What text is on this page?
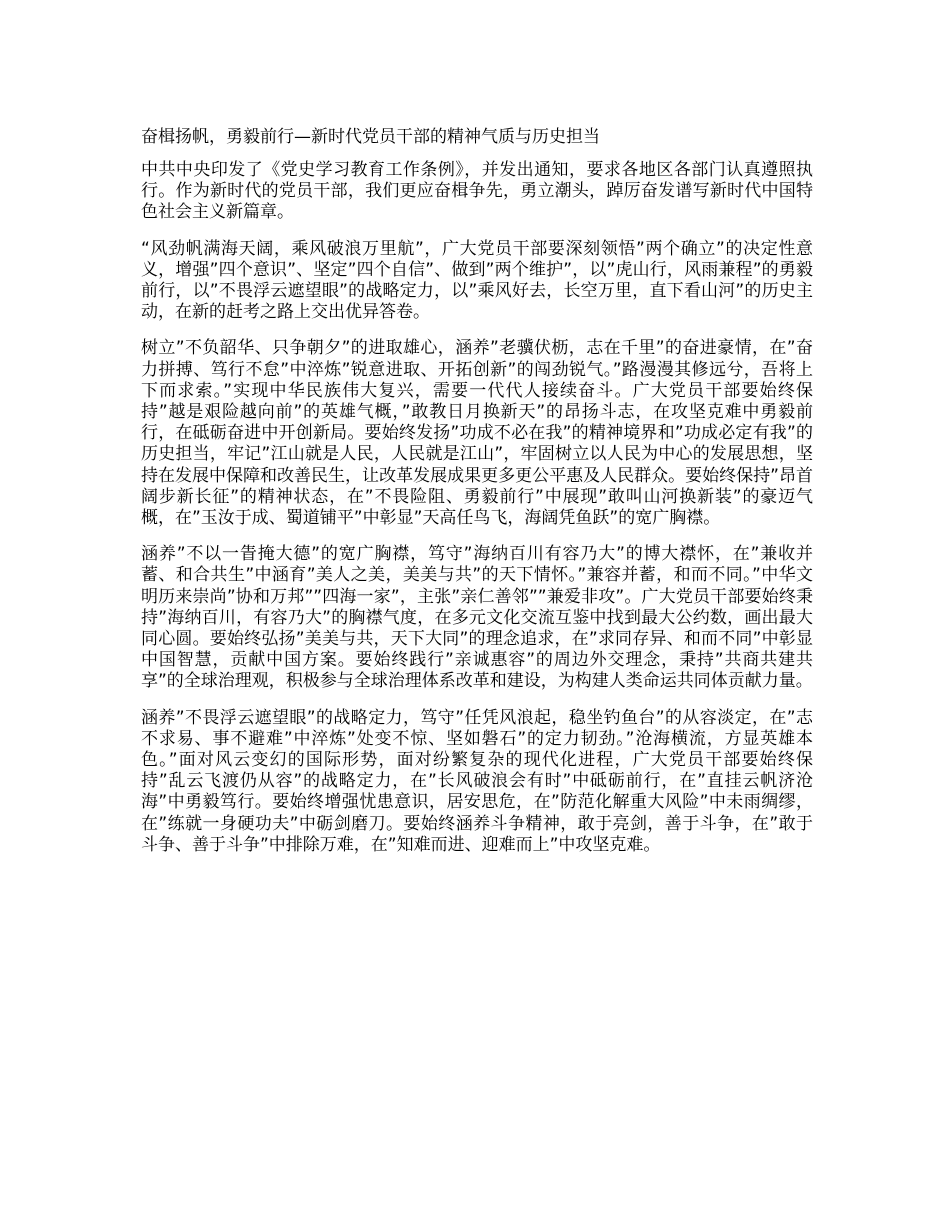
奋楫扬帆，勇毅前行—新时代党员干部的精神气质与历史担当

中共中央印发了《党史学习教育工作条例》，并发出通知，要求各地区各部门认真遵照执行。作为新时代的党员干部，我们更应奋楫争先，勇立潮头，踔厉奋发谱写新时代中国特色社会主义新篇章。

“风劲帆满海天阔，乘风破浪万里航”，广大党员干部要深刻领悟”两个确立”的决定性意义，增强”四个意识”、坚定”四个自信”、做到”两个维护”，以”虎山行，风雨兼程”的勇毅前行，以”不畏浮云遮望眼”的战略定力，以”乘风好去，长空万里，直下看山河”的历史主动，在新的赶考之路上交出优异答卷。

树立”不负韶华、只争朝夕”的进取雄心，涵养”老骥伏枥，志在千里”的奋进豪情，在”奋力拼搏、笃行不怠”中淬炼”锐意进取、开拓创新”的闯劲锐气。”路漫漫其修远兮，吾将上下而求索。”实现中华民族伟大复兴，需要一代代人接续奋斗。广大党员干部要始终保持”越是艰险越向前”的英雄气概，”敢教日月换新天”的昂扬斗志，在攻坚克难中勇毅前行，在砥砺奋进中开创新局。要始终发扬”功成不必在我”的精神境界和”功成必定有我”的历史担当，牢记”江山就是人民，人民就是江山”，牢固树立以人民为中心的发展思想，坚持在发展中保障和改善民生，让改革发展成果更多更公平惠及人民群众。要始终保持”昂首阔步新长征”的精神状态，在”不畏险阻、勇毅前行”中展现”敢叫山河换新装”的豪迈气概，在”玉汝于成、蜀道铺平”中彰显”天高任鸟飞，海阔凭鱼跃”的宽广胸襟。

涵养”不以一眚掩大德”的宽广胸襟，笃守”海纳百川有容乃大”的博大襟怀，在”兼收并蓄、和合共生”中涵育”美人之美，美美与共”的天下情怀。”兼容并蓄，和而不同。”中华文明历来崇尚”协和万邦””四海一家”，主张”亲仁善邻””兼爱非攻”。广大党员干部要始终秉持”海纳百川，有容乃大”的胸襟气度，在多元文化交流互鉴中找到最大公约数，画出最大同心圆。要始终弘扬”美美与共，天下大同”的理念追求，在”求同存异、和而不同”中彰显中国智慧，贡献中国方案。要始终践行”亲诚惠容”的周边外交理念，秉持”共商共建共享”的全球治理观，积极参与全球治理体系改革和建设，为构建人类命运共同体贡献力量。

涵养”不畏浮云遮望眼”的战略定力，笃守”任凭风浪起，稳坐钓鱼台”的从容淡定，在”志不求易、事不避难”中淬炼”处变不惊、坚如磐石”的定力韧劲。”沧海横流，方显英雄本色。”面对风云变幻的国际形势，面对纷繁复杂的现代化进程，广大党员干部要始终保持”乱云飞渡仍从容”的战略定力，在”长风破浪会有时”中砥砺前行，在”直挂云帆济沧海”中勇毅笃行。要始终增强忧患意识，居安思危，在”防范化解重大风险”中未雨绸缪，在”练就一身硬功夫”中砺剑磨刀。要始终涵养斗争精神，敢于亮剑，善于斗争，在”敢于斗争、善于斗争”中排除万难，在”知难而进、迎难而上”中攻坚克难。
